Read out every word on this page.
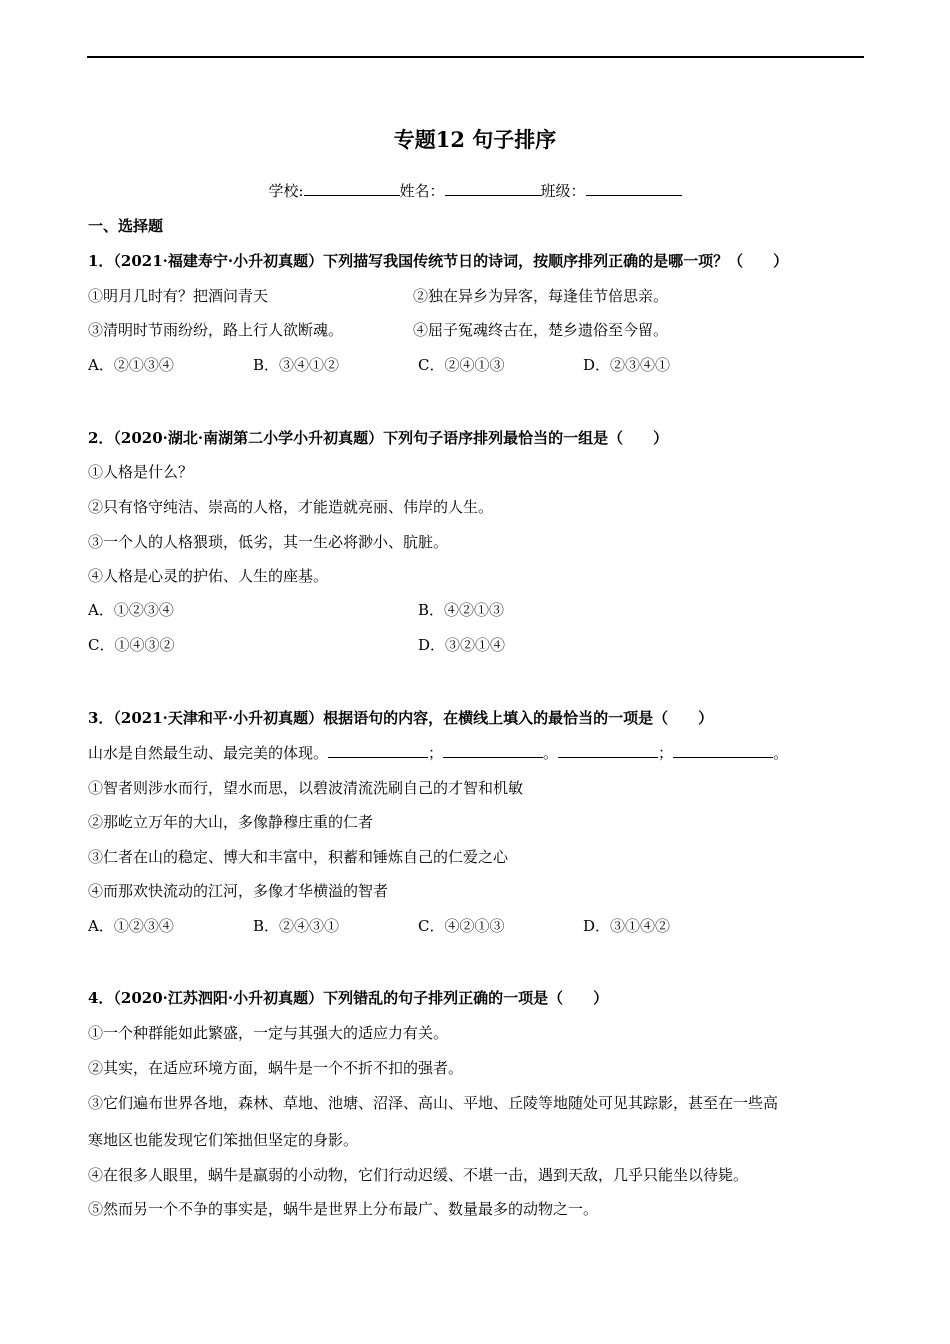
专题12 句子排序
学校:	姓名：	班级：
一、选择题
1．（2021·福建寿宁·小升初真题）下列描写我国传统节日的诗词，按顺序排列正确的是哪一项？（　　）
①明月几时有？把酒问青天	②独在异乡为异客，每逢佳节倍思亲。
③清明时节雨纷纷，路上行人欲断魂。	④屈子冤魂终古在，楚乡遗俗至今留。
A．②①③④	B．③④①②	C．②④①③	D．②③④①
2．（2020·湖北·南湖第二小学小升初真题）下列句子语序排列最恰当的一组是（　　）
①人格是什么？
②只有恪守纯洁、崇高的人格，才能造就亮丽、伟岸的人生。
③一个人的人格猥琐，低劣，其一生必将渺小、肮脏。
④人格是心灵的护佑、人生的座基。
A．①②③④	B．④②①③
C．①④③②	D．③②①④
3．（2021·天津和平·小升初真题）根据语句的内容，在横线上填入的最恰当的一项是（　　）
山水是自然最生动、最完美的体现。	；	。	；	。
①智者则涉水而行，望水而思，以碧波清流洗刷自己的才智和机敏
②那屹立万年的大山，多像静穆庄重的仁者
③仁者在山的稳定、博大和丰富中，积蓄和锤炼自己的仁爱之心
④而那欢快流动的江河，多像才华横溢的智者
A．①②③④	B．②④③①	C．④②①③	D．③①④②
4．（2020·江苏泗阳·小升初真题）下列错乱的句子排列正确的一项是（　　）
①一个种群能如此繁盛，一定与其强大的适应力有关。
②其实，在适应环境方面，蜗牛是一个不折不扣的强者。
③它们遍布世界各地，森林、草地、池塘、沼泽、高山、平地、丘陵等地随处可见其踪影，甚至在一些高
寒地区也能发现它们笨拙但坚定的身影。
④在很多人眼里，蜗牛是羸弱的小动物，它们行动迟缓、不堪一击，遇到天敌，几乎只能坐以待毙。
⑤然而另一个不争的事实是，蜗牛是世界上分布最广、数量最多的动物之一。
